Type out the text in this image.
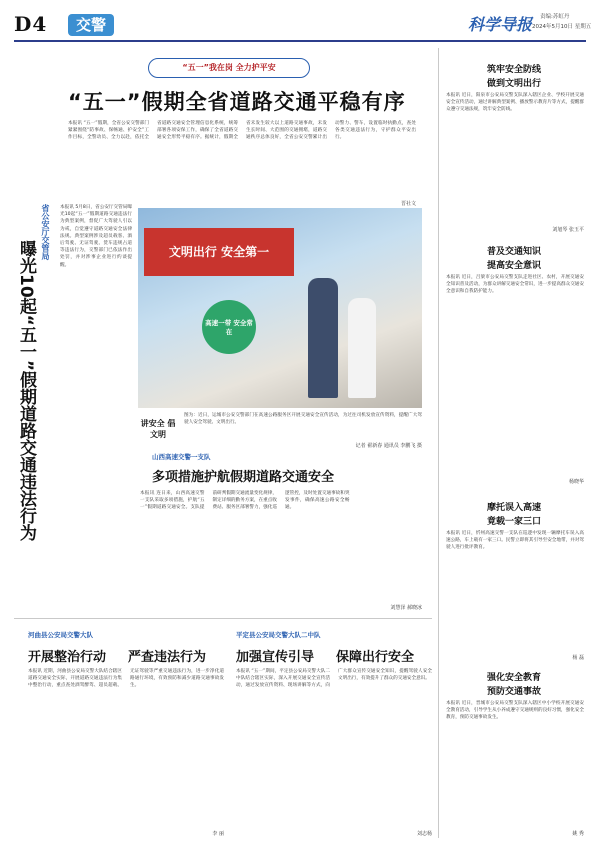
D4	交警	科学导报 责编:苏虹丹
2024年5月10日 星期五
“五一”我在岗 全力护平安
“五一”假期全省道路交通平稳有序
本报讯 “五一”假期，全省公安交警部门紧紧围绕“防事故、保畅通、护安全”工作目标，全警动员、全力以赴，依托全省道路交通安全管理信息化系统，统筹部署各项安保工作，确保了全省道路交通安全形势平稳有序。据统计，假期全省未发生较大以上道路交通事故，未发生长时间、大范围的交通拥堵，道路交通秩序总体良好，全省公安交警累计出动警力、警车，设置临时执勤点，查处各类交通违法行为，守护群众平安出行。
晋社文
省公安厅交管局
曝光10起“五一”假期道路交通违法行为
本报讯 5月8日，省公安厅交管局曝光10起“五一”假期道路交通违法行为典型案例，督促广大驾驶人引以为戒，自觉遵守道路交通安全法律法规。典型案例涉及超员载客、酒后驾驶、无证驾驶、货车违规占道等违法行为，交警部门已依法作出处罚，并对涉事企业进行约谈提醒。
文明出行 安全第一
高速一带 安全常在
讲安全 倡文明
图为：近日，运城市公安交警部门在高速公路服务区开展交通安全宣传活动，为过往司机发放宣传资料，提醒广大驾驶人安全驾驶、文明出行。
记者 翟新春 通讯员 李鹏飞 摄
山西高速交警一支队
多项措施护航假期道路交通安全
本报讯 连日来，山西高速交警一支队采取多项措施，护航“五一”假期道路交通安全。支队提前研判假期交通流量变化规律，制定详细的勤务方案，在重点收费站、服务区部署警力，强化巡逻管控，及时处置交通事故和突发事件，确保高速公路安全畅通。
刘慧泽 郝晓冰
河曲县公安局交警大队
开展整治行动 严查违法行为
本报讯 近期，河曲县公安局交警大队结合辖区道路交通安全实际，开展道路交通违法行为集中整治行动，重点查处酒驾醉驾、超员超载、无证驾驶等严重交通违法行为，进一步净化道路通行环境，有效预防和减少道路交通事故发生。
李 丽
平定县公安局交警大队二中队
加强宣传引导 保障出行安全
本报讯 “五一”期间，平定县公安局交警大队二中队结合辖区实际，深入开展交通安全宣传活动，通过发放宣传资料、现场讲解等方式，向广大群众宣传交通安全知识，提醒驾驶人安全文明出行，有效提升了群众的交通安全意识。
刘志杨
筑牢安全防线
做到文明出行
本报讯 近日，阳泉市公安局交警支队深入辖区企业、学校开展交通安全宣传活动，通过讲解典型案例、播放警示教育片等方式，提醒群众遵守交通法规，筑牢安全防线。
刘旭琴 张玉平
普及交通知识
提高安全意识
本报讯 近日，吕梁市公安局交警支队走进社区、农村，开展交通安全知识普及活动，为群众讲解交通安全常识，进一步提高群众交通安全意识和自我防护能力。
杨晓华
摩托误入高速
竟载一家三口
本报讯 近日，忻州高速交警一支队在巡逻中发现一辆摩托车误入高速公路，车上载有一家三口。民警立即将其引导至安全地带，并对驾驶人进行批评教育。
杨 磊
强化安全教育
预防交通事故
本报讯 近日，晋城市公安局交警支队深入辖区中小学校开展交通安全教育活动，引导学生从小养成遵守交通规则的良好习惯，强化安全教育，预防交通事故发生。
姚 秀
